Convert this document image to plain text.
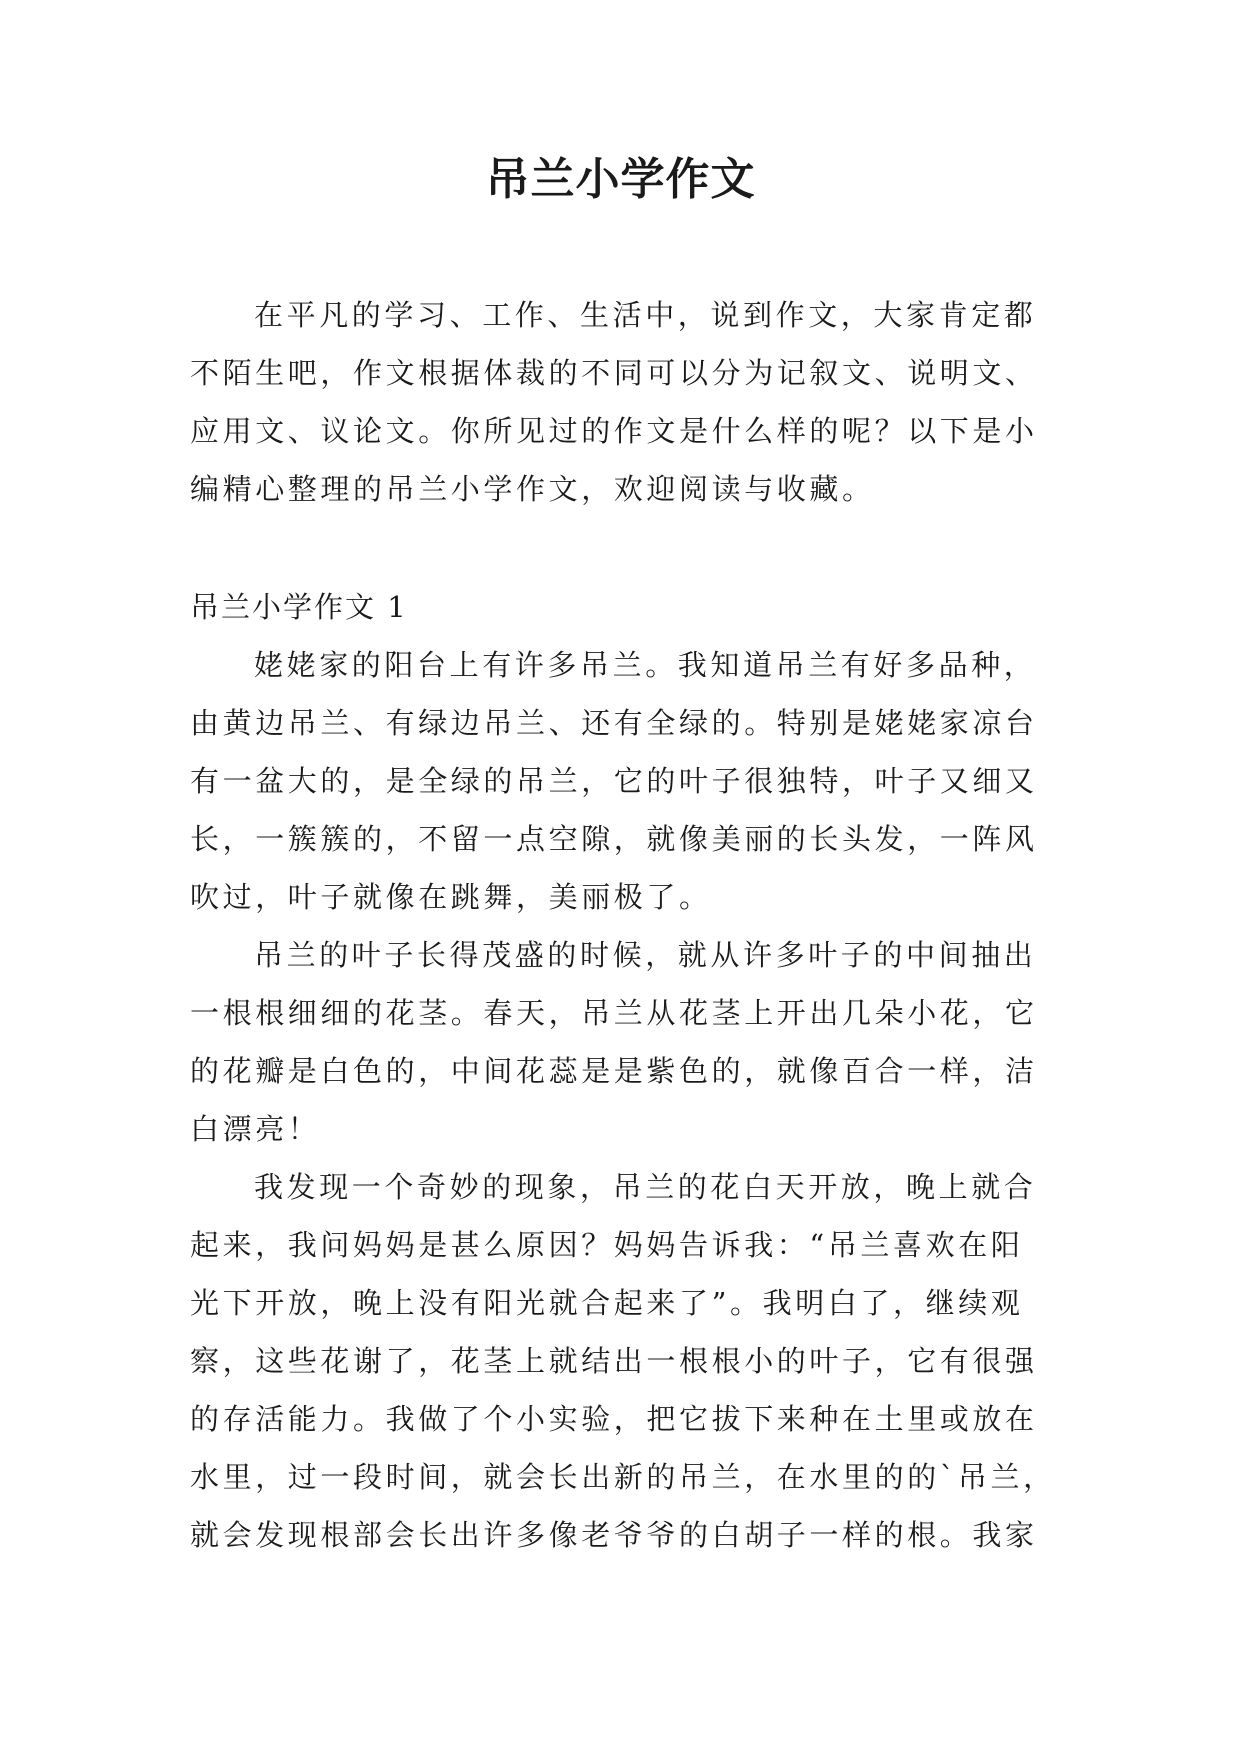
吊兰小学作文
在平凡的学习、工作、生活中，说到作文，大家肯定都
不陌生吧，作文根据体裁的不同可以分为记叙文、说明文、
应用文、议论文。你所见过的作文是什么样的呢？以下是小
编精心整理的吊兰小学作文，欢迎阅读与收藏。
吊兰小学作文 1
姥姥家的阳台上有许多吊兰。我知道吊兰有好多品种，
由黄边吊兰、有绿边吊兰、还有全绿的。特别是姥姥家凉台
有一盆大的，是全绿的吊兰，它的叶子很独特，叶子又细又
长，一簇簇的，不留一点空隙，就像美丽的长头发，一阵风
吹过，叶子就像在跳舞，美丽极了。
吊兰的叶子长得茂盛的时候，就从许多叶子的中间抽出
一根根细细的花茎。春天，吊兰从花茎上开出几朵小花，它
的花瓣是白色的，中间花蕊是是紫色的，就像百合一样，洁
白漂亮！
我发现一个奇妙的现象，吊兰的花白天开放，晚上就合
起来，我问妈妈是甚么原因？妈妈告诉我：“吊兰喜欢在阳
光下开放，晚上没有阳光就合起来了”。我明白了，继续观
察，这些花谢了，花茎上就结出一根根小的叶子，它有很强
的存活能力。我做了个小实验，把它拔下来种在土里或放在
水里，过一段时间，就会长出新的吊兰，在水里的的`吊兰，
就会发现根部会长出许多像老爷爷的白胡子一样的根。我家
